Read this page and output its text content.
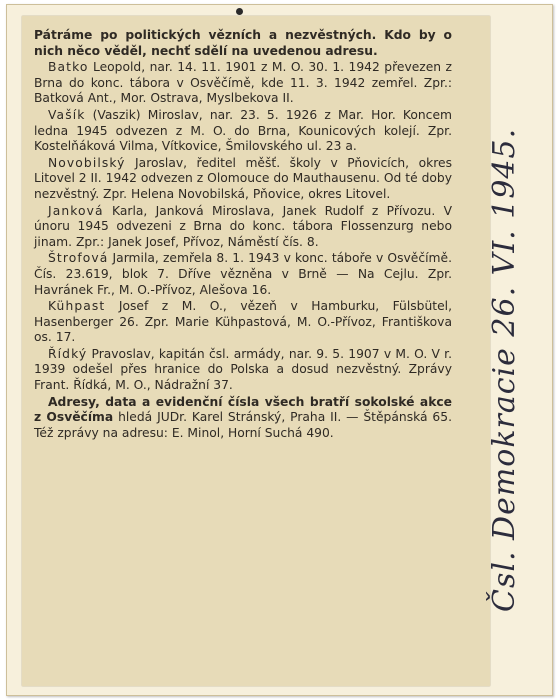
Pátráme po politických vězních a nezvěstných. Kdo by o nich něco věděl, nechť sdělí na uvedenou adresu.

Batko Leopold, nar. 14. 11. 1901 z M. O. 30. 1. 1942 převezen z Brna do konc. tábora v Osvěčímě, kde 11. 3. 1942 zemřel. Zpr.: Batková Ant., Mor. Ostrava, Myslbekova II.

Vašík (Vaszik) Miroslav, nar. 23. 5. 1926 z Mar. Hor. Koncem ledna 1945 odvezen z M. O. do Brna, Kounicových kolejí. Zpr. Kostelňáková Vilma, Vítkovice, Šmilovského ul. 23 a.

Novobilský Jaroslav, ředitel měšť. školy v Pňovicích, okres Litovel 2 II. 1942 odvezen z Olomouce do Mauthausenu. Od té doby nezvěstný. Zpr. Helena Novobilská, Pňovice, okres Litovel.

Janková Karla, Janková Miroslava, Janek Rudolf z Přívozu. V únoru 1945 odvezeni z Brna do konc. tábora Flossenzurg nebo jinam. Zpr.: Janek Josef, Přívoz, Náměstí čís. 8.

Štrofová Jarmila, zemřela 8. 1. 1943 v konc. táboře v Osvěčímě. Čís. 23.619, blok 7. Dříve vězněna v Brně — Na Cejlu. Zpr. Havránek Fr., M. O.-Přívoz, Alešova 16.

Kühpast Josef z M. O., vězeň v Hamburku, Fülsbütel, Hasenberger 26. Zpr. Marie Kühpastová, M. O.-Přívoz, Františkova os. 17.

Řídký Pravoslav, kapitán čsl. armády, nar. 9. 5. 1907 v M. O. V r. 1939 odešel přes hranice do Polska a dosud nezvěstný. Zprávy Frant. Řídká, M. O., Nádražní 37.

Adresy, data a evidenční čísla všech bratří sokolské akce z Osvěčíma hledá JUDr. Karel Stránský, Praha II. — Štěpánská 65. Též zprávy na adresu: E. Minol, Horní Suchá 490.	Čsl. Demokracie 26. VI. 1945.
